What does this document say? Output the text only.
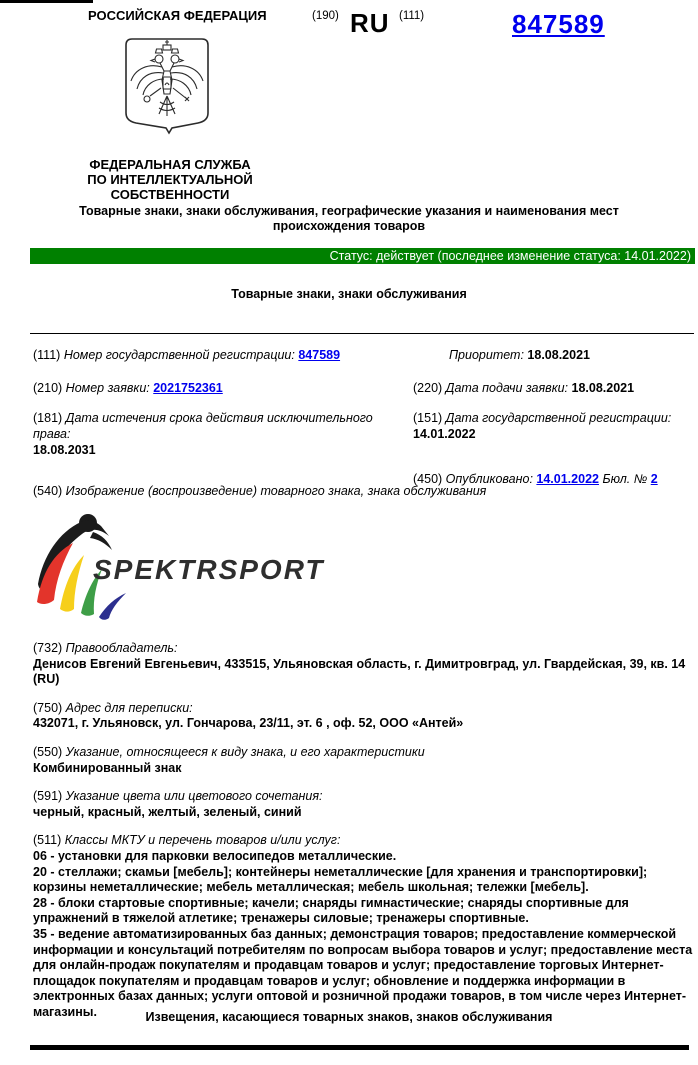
РОССИЙСКАЯ ФЕДЕРАЦИЯ	(190) RU (111)	847589
ФЕДЕРАЛЬНАЯ СЛУЖБА
ПО ИНТЕЛЛЕКТУАЛЬНОЙ СОБСТВЕННОСТИ
Товарные знаки, знаки обслуживания, географические указания и наименования мест происхождения товаров
Статус: действует (последнее изменение статуса: 14.01.2022)
Товарные знаки, знаки обслуживания
(111) Номер государственной регистрации: 847589	Приоритет: 18.08.2021
(210) Номер заявки: 2021752361	(220) Дата подачи заявки: 18.08.2021
(181) Дата истечения срока действия исключительного права:
18.08.2031
(151) Дата государственной регистрации:
14.01.2022
(450) Опубликовано: 14.01.2022 Бюл. № 2
(540) Изображение (воспроизведение) товарного знака, знака обслуживания
SPEKTRSPORT
(732) Правообладатель:
Денисов Евгений Евгеньевич, 433515, Ульяновская область, г. Димитровград, ул. Гвардейская, 39, кв. 14 (RU)
(750) Адрес для переписки:
432071, г. Ульяновск, ул. Гончарова, 23/11, эт. 6 , оф. 52, ООО «Антей»
(550) Указание, относящееся к виду знака, и его характеристики
Комбинированный знак
(591) Указание цвета или цветового сочетания:
черный, красный, желтый, зеленый, синий
(511) Классы МКТУ и перечень товаров и/или услуг:
06 - установки для парковки велосипедов металлические.
20 - стеллажи; скамьи [мебель]; контейнеры неметаллические [для хранения и транспортировки]; корзины неметаллические; мебель металлическая; мебель школьная; тележки [мебель].
28 - блоки стартовые спортивные; качели; снаряды гимнастические; снаряды спортивные для упражнений в тяжелой атлетике; тренажеры силовые; тренажеры спортивные.
35 - ведение автоматизированных баз данных; демонстрация товаров; предоставление коммерческой информации и консультаций потребителям по вопросам выбора товаров и услуг; предоставление места для онлайн-продаж покупателям и продавцам товаров и услуг; предоставление торговых Интернет-площадок покупателям и продавцам товаров и услуг; обновление и поддержка информации в электронных базах данных; услуги оптовой и розничной продажи товаров, в том числе через Интернет-магазины.	Извещения, касающиеся товарных знаков, знаков обслуживания
